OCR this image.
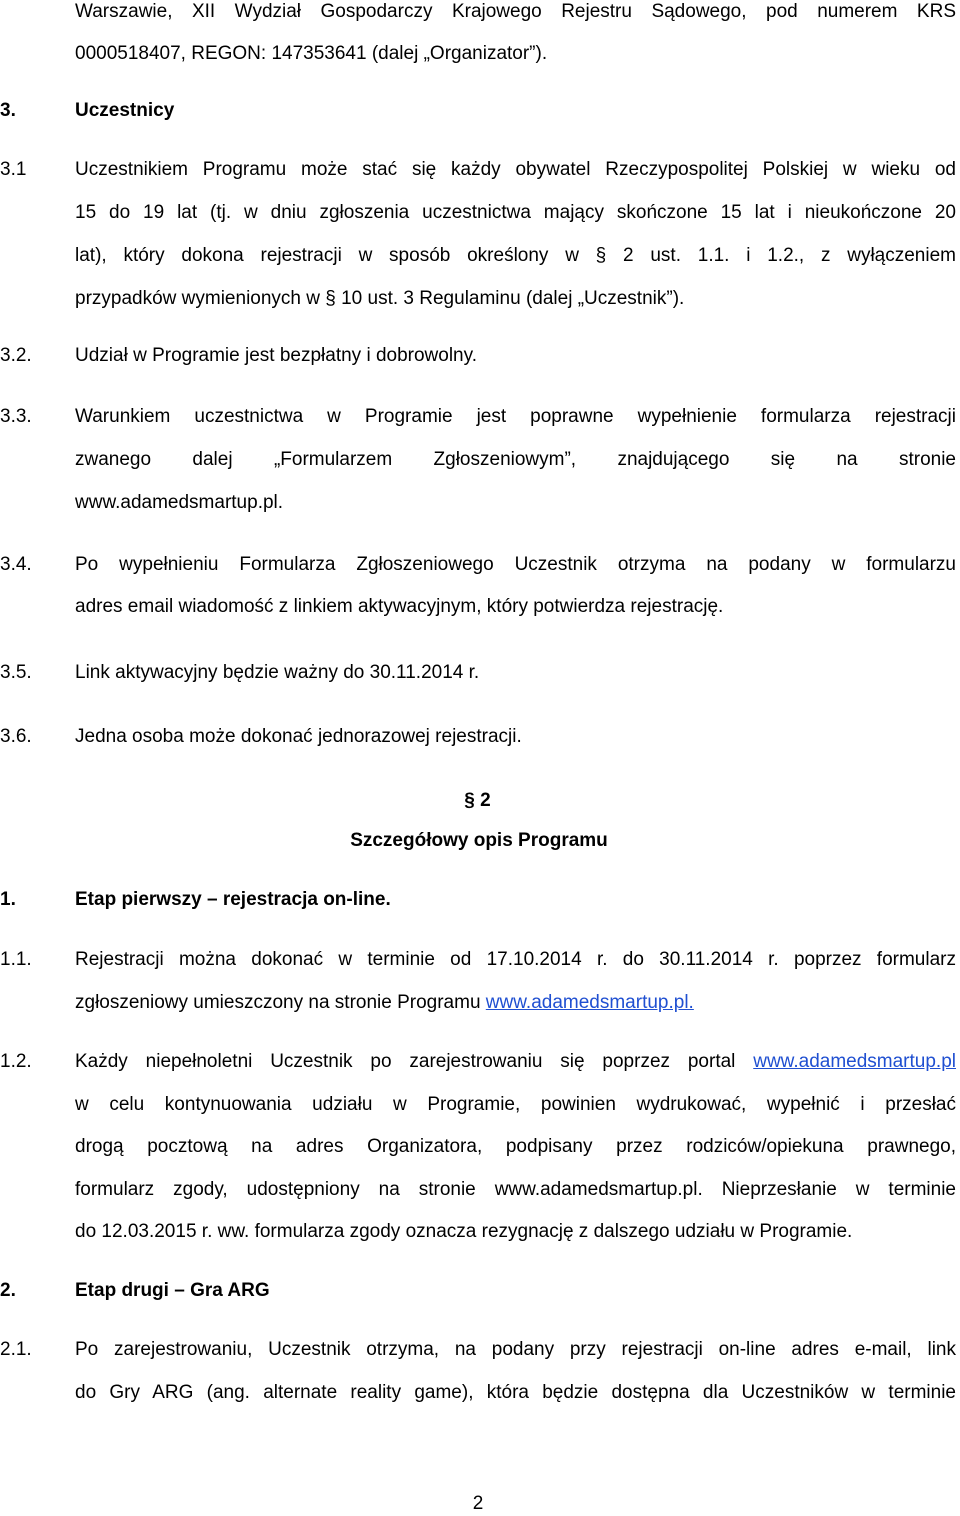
Warszawie, XII Wydział Gospodarczy Krajowego Rejestru Sądowego, pod numerem KRS
0000518407, REGON: 147353641 (dalej „Organizator”).
3.	Uczestnicy
3.1	Uczestnikiem Programu może stać się każdy obywatel Rzeczypospolitej Polskiej w wieku od
15 do 19 lat (tj. w dniu zgłoszenia uczestnictwa mający skończone 15 lat i nieukończone 20
lat), który dokona rejestracji w sposób określony w § 2 ust. 1.1. i 1.2., z wyłączeniem
przypadków wymienionych w § 10 ust. 3 Regulaminu (dalej „Uczestnik”).
3.2. Udział w Programie jest bezpłatny i dobrowolny.
3.3. Warunkiem uczestnictwa w Programie jest poprawne wypełnienie formularza rejestracji
zwanego dalej „Formularzem Zgłoszeniowym”, znajdującego się na stronie
www.adamedsmartup.pl.
3.4. Po wypełnieniu Formularza Zgłoszeniowego Uczestnik otrzyma na podany w formularzu
adres email wiadomość z linkiem aktywacyjnym, który potwierdza rejestrację.
3.5. Link aktywacyjny będzie ważny do 30.11.2014 r.
3.6. Jedna osoba może dokonać jednorazowej rejestracji.
§ 2
Szczegółowy opis Programu
1.	Etap pierwszy – rejestracja on-line.
1.1. Rejestracji można dokonać w terminie od 17.10.2014 r. do 30.11.2014 r. poprzez formularz
zgłoszeniowy umieszczony na stronie Programu www.adamedsmartup.pl.
1.2. Każdy niepełnoletni Uczestnik po zarejestrowaniu się poprzez portal www.adamedsmartup.pl
w celu kontynuowania udziału w Programie, powinien wydrukować, wypełnić i przesłać
drogą pocztową na adres Organizatora, podpisany przez rodziców/opiekuna prawnego,
formularz zgody, udostępniony na stronie www.adamedsmartup.pl. Nieprzesłanie w terminie
do 12.03.2015 r. ww. formularza zgody oznacza rezygnację z dalszego udziału w Programie.
2.	Etap drugi – Gra ARG
2.1. Po zarejestrowaniu, Uczestnik otrzyma, na podany przy rejestracji on-line adres e-mail, link
do Gry ARG (ang. alternate reality game), która będzie dostępna dla Uczestników w terminie
2
